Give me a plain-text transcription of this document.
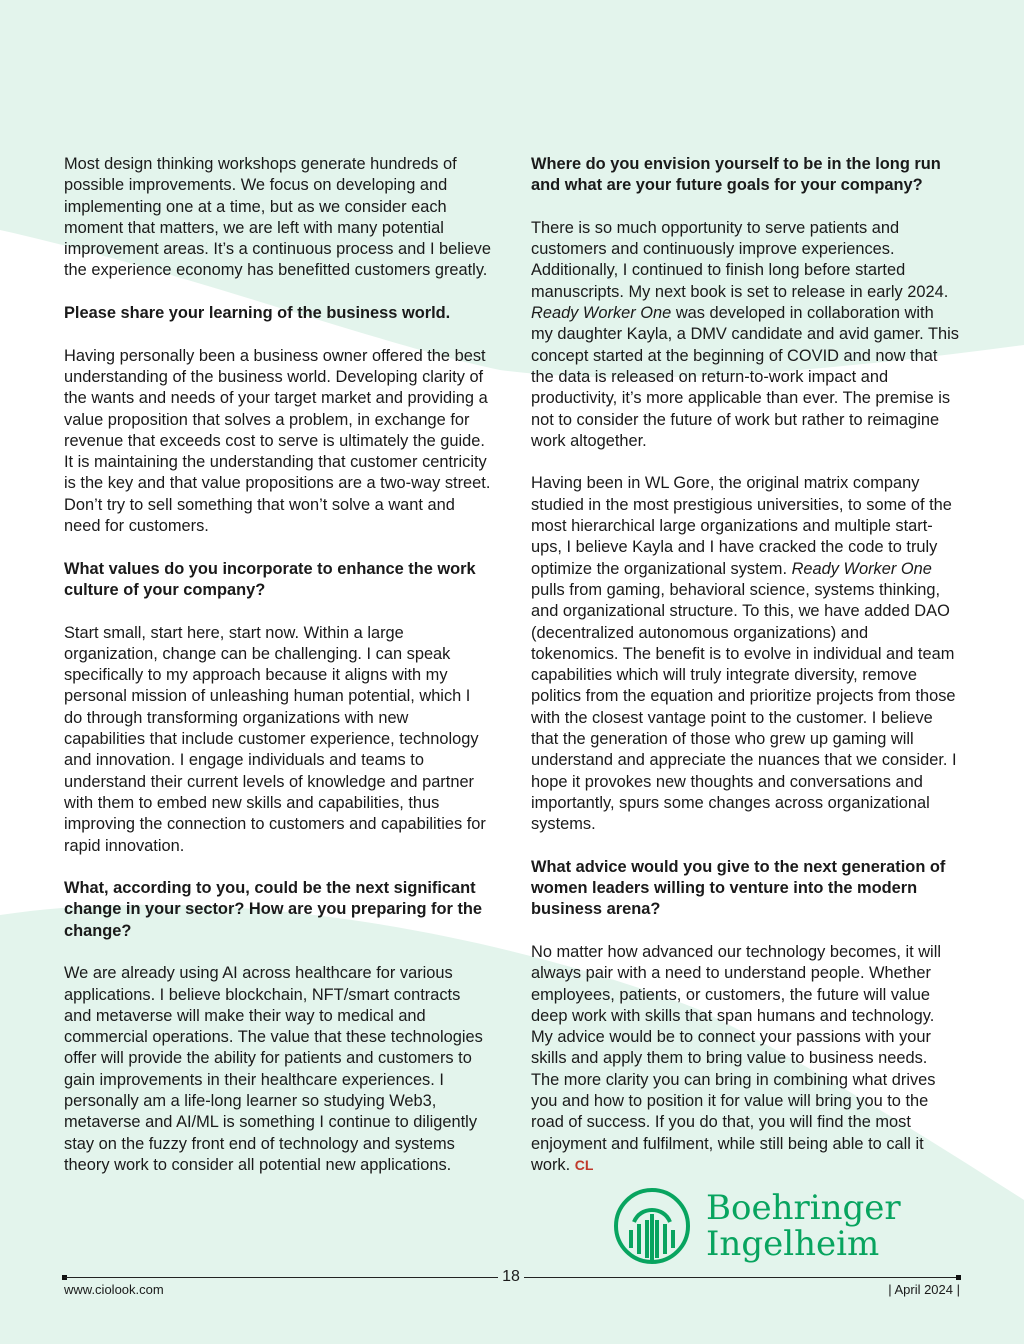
Most design thinking workshops generate hundreds of possible improvements. We focus on developing and implementing one at a time, but as we consider each moment that matters, we are left with many potential improvement areas. It’s a continuous process and I believe the experience economy has benefitted customers greatly.

Please share your learning of the business world.

Having personally been a business owner offered the best understanding of the business world. Developing clarity of the wants and needs of your target market and providing a value proposition that solves a problem, in exchange for revenue that exceeds cost to serve is ultimately the guide. It is maintaining the understanding that customer centricity is the key and that value propositions are a two-way street. Don’t try to sell something that won’t solve a want and need for customers.

What values do you incorporate to enhance the work culture of your company?

Start small, start here, start now. Within a large organization, change can be challenging. I can speak specifically to my approach because it aligns with my personal mission of unleashing human potential, which I do through transforming organizations with new capabilities that include customer experience, technology and innovation. I engage individuals and teams to understand their current levels of knowledge and partner with them to embed new skills and capabilities, thus improving the connection to customers and capabilities for rapid innovation.

What, according to you, could be the next significant change in your sector? How are you preparing for the change?

We are already using AI across healthcare for various applications. I believe blockchain, NFT/smart contracts and metaverse will make their way to medical and commercial operations. The value that these technologies offer will provide the ability for patients and customers to gain improvements in their healthcare experiences. I personally am a life-long learner so studying Web3, metaverse and AI/ML is something I continue to diligently stay on the fuzzy front end of technology and systems theory work to consider all potential new applications.

Where do you envision yourself to be in the long run and what are your future goals for your company?

There is so much opportunity to serve patients and customers and continuously improve experiences. Additionally, I continued to finish long before started manuscripts. My next book is set to release in early 2024. Ready Worker One was developed in collaboration with my daughter Kayla, a DMV candidate and avid gamer. This concept started at the beginning of COVID and now that the data is released on return-to-work impact and productivity, it’s more applicable than ever. The premise is not to consider the future of work but rather to reimagine work altogether.

Having been in WL Gore, the original matrix company studied in the most prestigious universities, to some of the most hierarchical large organizations and multiple start-ups, I believe Kayla and I have cracked the code to truly optimize the organizational system. Ready Worker One pulls from gaming, behavioral science, systems thinking, and organizational structure. To this, we have added DAO (decentralized autonomous organizations) and tokenomics. The benefit is to evolve in individual and team capabilities which will truly integrate diversity, remove politics from the equation and prioritize projects from those with the closest vantage point to the customer. I believe that the generation of those who grew up gaming will understand and appreciate the nuances that we consider. I hope it provokes new thoughts and conversations and importantly, spurs some changes across organizational systems.

What advice would you give to the next generation of women leaders willing to venture into the modern business arena?

No matter how advanced our technology becomes, it will always pair with a need to understand people. Whether employees, patients, or customers, the future will value deep work with skills that span humans and technology. My advice would be to connect your passions with your skills and apply them to bring value to business needs. The more clarity you can bring in combining what drives you and how to position it for value will bring you to the road of success. If you do that, you will find the most enjoyment and fulfilment, while still being able to call it work. CL

Boehringer
Ingelheim
18
www.ciolook.com	| April 2024 |
